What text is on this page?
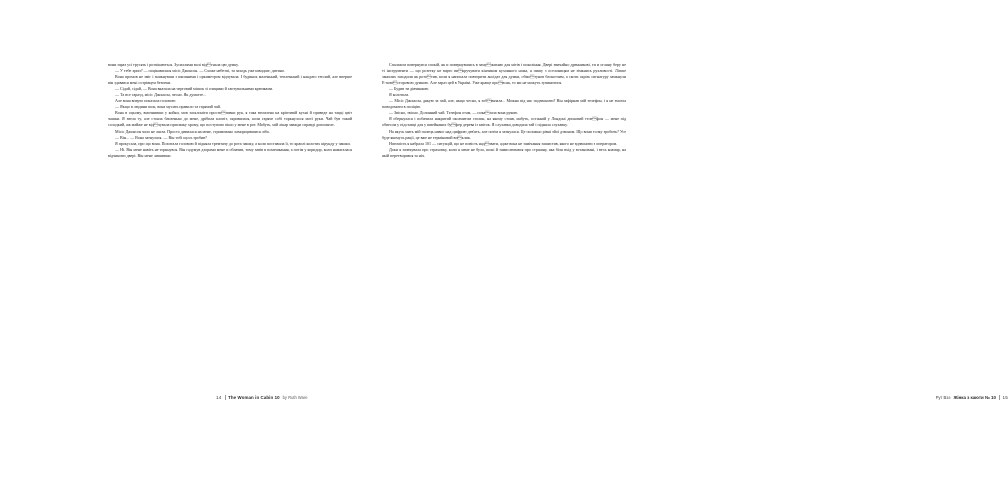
вони зараз усі трусять і розпікаються. Зусиллями волі відгнала цю думку.

— У тебе хрип? — поцікавилася місіс Джонсон. — Схоже небезпі, та заходь уже швидше, дитино.

Вона промов не зміг і зникнувши з икпиними і оркиметром відчувала. І будинок маленький, тепленький і накдато теплий, але вперше він здавався мені острівцем безпеки.

— Сідай, сідай, — Вона вказала на черговий мішок зі спицями й гаптувальними крючками.

— Та все гаразд, місіс Джонсон, чесно. Як думаєте...

Але вона вперто показала головою:

— Якщо в людини шок, вона мусить правило та гарячий чай.

Вона в оцьому, вмочнивши у койки, мов засклоніти проститивки рук, я така втомлена на кріптивій кухні й приведе на тацці цвіт чашки. Я звела ту, але стояла близенько до мене, дрібила клопіт, скривилася, коли гаряче собі торкнулося моєї руки. Чай був такий солодкий, аж майже не відчувала присмаку хрому, що поступово пішо у мене в рот. Мабуть, мій лікар завжди справді допомагає.

Місіс Джонсон чало не лягла. Просто дивилася на мене, стримовано ламорщившися ліба.

— Він... — Вона затнулася. — Він тобі щось зробив?

Я прокусала, про що вона. Похитала головою й підняла тремтячу до рота чашку, а коли поставила її, то краплі колотих кірунду у чашки.

— Ні. Він мене навіть не торкнувся. Він гадумув дзорами мене и облачив, тому завів в помешкання, а потім у коридор, коли намагалася відчинити двері. Він мене лишивши.

14 The Woman in Cabin 10 by Ruth Ware

Спалахом повернувся спокій, як и повернувшись в замужихню для мітів і покоління. Двері звичайно дренникові, ти и огляну беру не ті інструменти — що розетку не варто викручувати кінчиком кухонного ножа, я пишу з оселоницям не зімкнись рухливості. Ліпше занилих заходили як рототив, коли я написала повторити ансідат для думки, обмотунов блокотчим, а скоти скрізь сигнатуру замкнули Е-повісторовою думкою. Але зараз цей в Україні. Уже краще провсяк, то ми не можуть зупинитися.

— Будив ти дівчинкою.

Я колотила.

— Місіс Джонсон, дякую за чай, але, якщо чесно, я зобвязала... Можна під нас подзвонити? Він зафірнав мій телефон, і я не змогла поводомити в поліцію.

— Звісно, звісно. Долинний чай. Телефон отам, — показала вона рукою.

Я обернулася і побачила накритий оксамитом столик, на якому стояв, мабуть, останній у Лондоні дисковий телефон — мене під обвесом у підставці для у швейнаних буфер дерева із квіток. Я слухавка доводила тай і підняла слухавку.

На якусь мить мій палець навис над цифрою дев'ять, але потім я затнулася. Це положно рівні зйої дзвоном. Що вони толку зробить? Усе буде якомусь рації, це вже не терміновий виклик.

Натомість я набрала 101 — ситуацій, що не повість надзвати, адже вона не замічання зашистив, якого не вдзвонити з оператором.

Доки я зачекувала про страховку, коли я мене не було, шокі й замислювався про страшну, яка біля вхід у встановані, і весь коамар, на якій перетворився за ніч.

Рут Вээ Жінка з каюти № 10 15
